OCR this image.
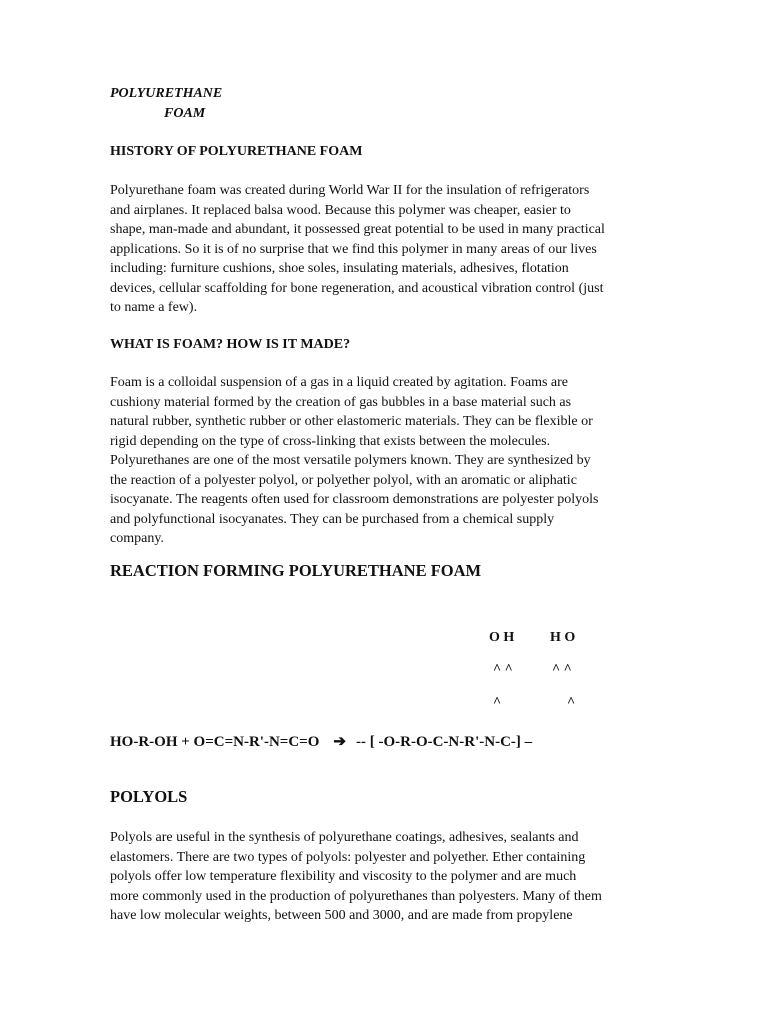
POLYURETHANE
FOAM
HISTORY OF POLYURETHANE FOAM
Polyurethane foam was created during World War II for the insulation of refrigerators
and airplanes. It replaced balsa wood. Because this polymer was cheaper, easier to
shape, man-made and abundant, it possessed great potential to be used in many practical
applications. So it is of no surprise that we find this polymer in many areas of our lives
including: furniture cushions, shoe soles, insulating materials, adhesives, flotation
devices, cellular scaffolding for bone regeneration, and acoustical vibration control (just
to name a few).
WHAT IS FOAM? HOW IS IT MADE?
Foam is a colloidal suspension of a gas in a liquid created by agitation. Foams are
cushiony material formed by the creation of gas bubbles in a base material such as
natural rubber, synthetic rubber or other elastomeric materials. They can be flexible or
rigid depending on the type of cross-linking that exists between the molecules.
Polyurethanes are one of the most versatile polymers known. They are synthesized by
the reaction of a polyester polyol, or polyether polyol, with an aromatic or aliphatic
isocyanate. The reagents often used for classroom demonstrations are polyester polyols
and polyfunctional isocyanates. They can be purchased from a chemical supply
company.
REACTION FORMING POLYURETHANE FOAM
O H	H O
^ ^	^ ^
^	^
HO-R-OH + O=C=N-R'-N=C=O ➔ -- [ -O-R-O-C-N-R'-N-C-] –
POLYOLS
Polyols are useful in the synthesis of polyurethane coatings, adhesives, sealants and
elastomers. There are two types of polyols: polyester and polyether. Ether containing
polyols offer low temperature flexibility and viscosity to the polymer and are much
more commonly used in the production of polyurethanes than polyesters. Many of them
have low molecular weights, between 500 and 3000, and are made from propylene
